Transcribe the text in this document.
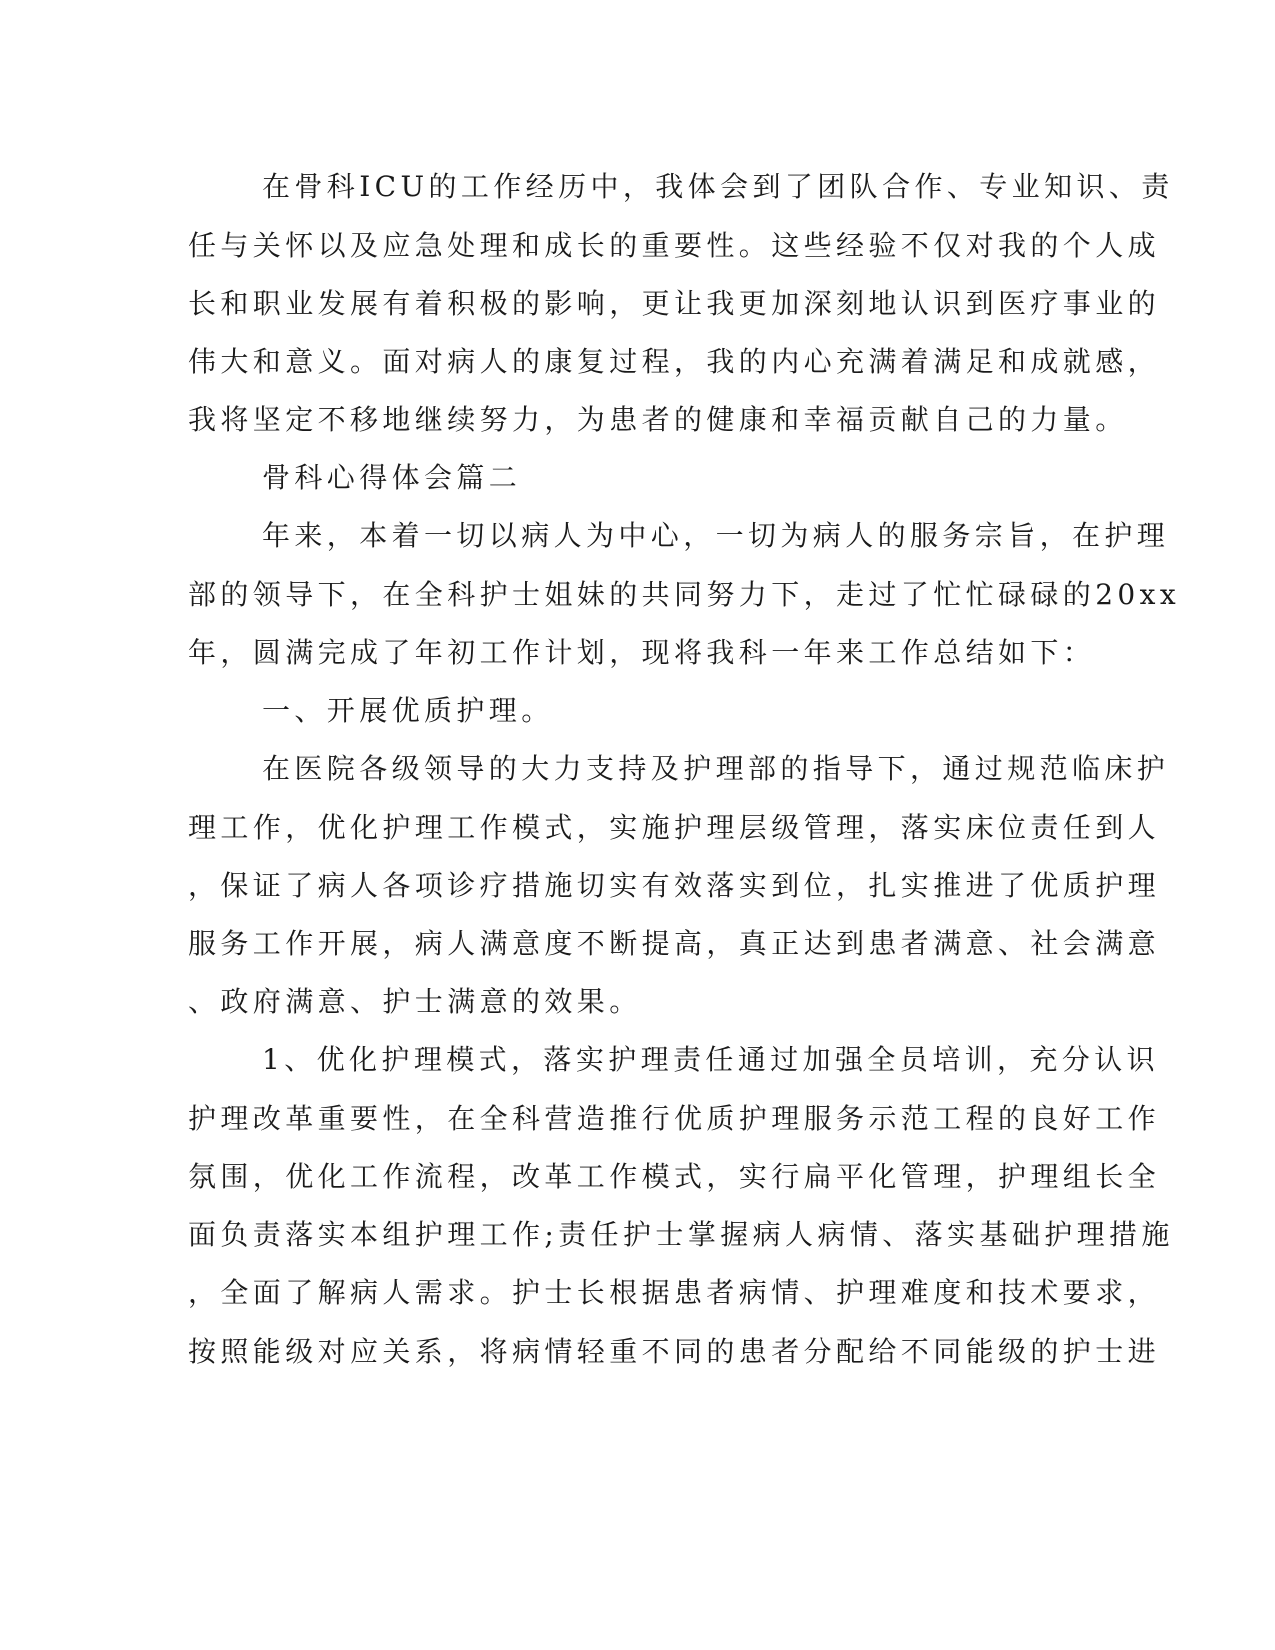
在骨科ICU的工作经历中，我体会到了团队合作、专业知识、责
任与关怀以及应急处理和成长的重要性。这些经验不仅对我的个人成
长和职业发展有着积极的影响，更让我更加深刻地认识到医疗事业的
伟大和意义。面对病人的康复过程，我的内心充满着满足和成就感，
我将坚定不移地继续努力，为患者的健康和幸福贡献自己的力量。
骨科心得体会篇二
年来，本着一切以病人为中心，一切为病人的服务宗旨，在护理
部的领导下，在全科护士姐妹的共同努力下，走过了忙忙碌碌的20xx
年，圆满完成了年初工作计划，现将我科一年来工作总结如下：
一、开展优质护理。
在医院各级领导的大力支持及护理部的指导下，通过规范临床护
理工作，优化护理工作模式，实施护理层级管理，落实床位责任到人
，保证了病人各项诊疗措施切实有效落实到位，扎实推进了优质护理
服务工作开展，病人满意度不断提高，真正达到患者满意、社会满意
、政府满意、护士满意的效果。
1、优化护理模式，落实护理责任通过加强全员培训，充分认识
护理改革重要性，在全科营造推行优质护理服务示范工程的良好工作
氛围，优化工作流程，改革工作模式，实行扁平化管理，护理组长全
面负责落实本组护理工作;责任护士掌握病人病情、落实基础护理措施
，全面了解病人需求。护士长根据患者病情、护理难度和技术要求，
按照能级对应关系，将病情轻重不同的患者分配给不同能级的护士进
